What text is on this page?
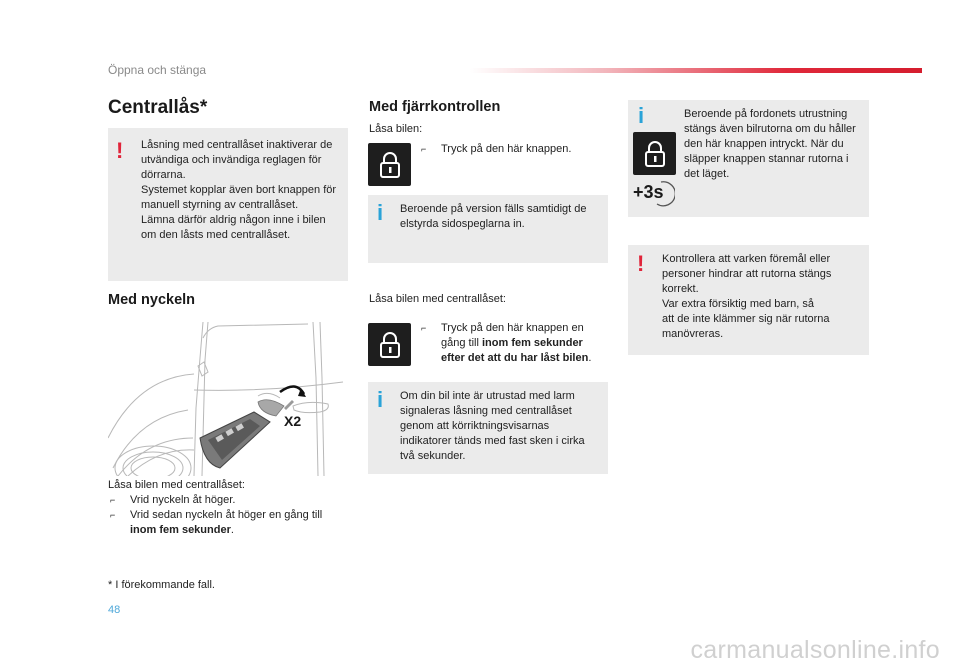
Öppna och stänga
Centrallås*
! Låsning med centrallåset inaktiverar de
utvändiga och invändiga reglagen för
dörrarna.
Systemet kopplar även bort knappen för
manuell styrning av centrallåset.
Lämna därför aldrig någon inne i bilen
om den låsts med centrallåset.
Med nyckeln
X2
Låsa bilen med centrallåset:
⌐ Vrid nyckeln åt höger.
⌐ Vrid sedan nyckeln åt höger en gång till
inom fem sekunder.
* I förekommande fall.
Med fjärrkontrollen
Låsa bilen:
⌐ Tryck på den här knappen.
i Beroende på version fälls samtidigt de
elstyrda sidospeglarna in.
Låsa bilen med centrallåset:
⌐ Tryck på den här knappen en
gång till inom fem sekunder
efter det att du har låst bilen.
i Om din bil inte är utrustad med larm
signaleras låsning med centrallåset
genom att körriktningsvisarnas
indikatorer tänds med fast sken i cirka
två sekunder.
i
+3s
Beroende på fordonets utrustning
stängs även bilrutorna om du håller
den här knappen intryckt. När du
släpper knappen stannar rutorna i
det läget.
! Kontrollera att varken föremål eller
personer hindrar att rutorna stängs
korrekt.
Var extra försiktig med barn, så
att de inte klämmer sig när rutorna
manövreras.
48
carmanualsonline.info
